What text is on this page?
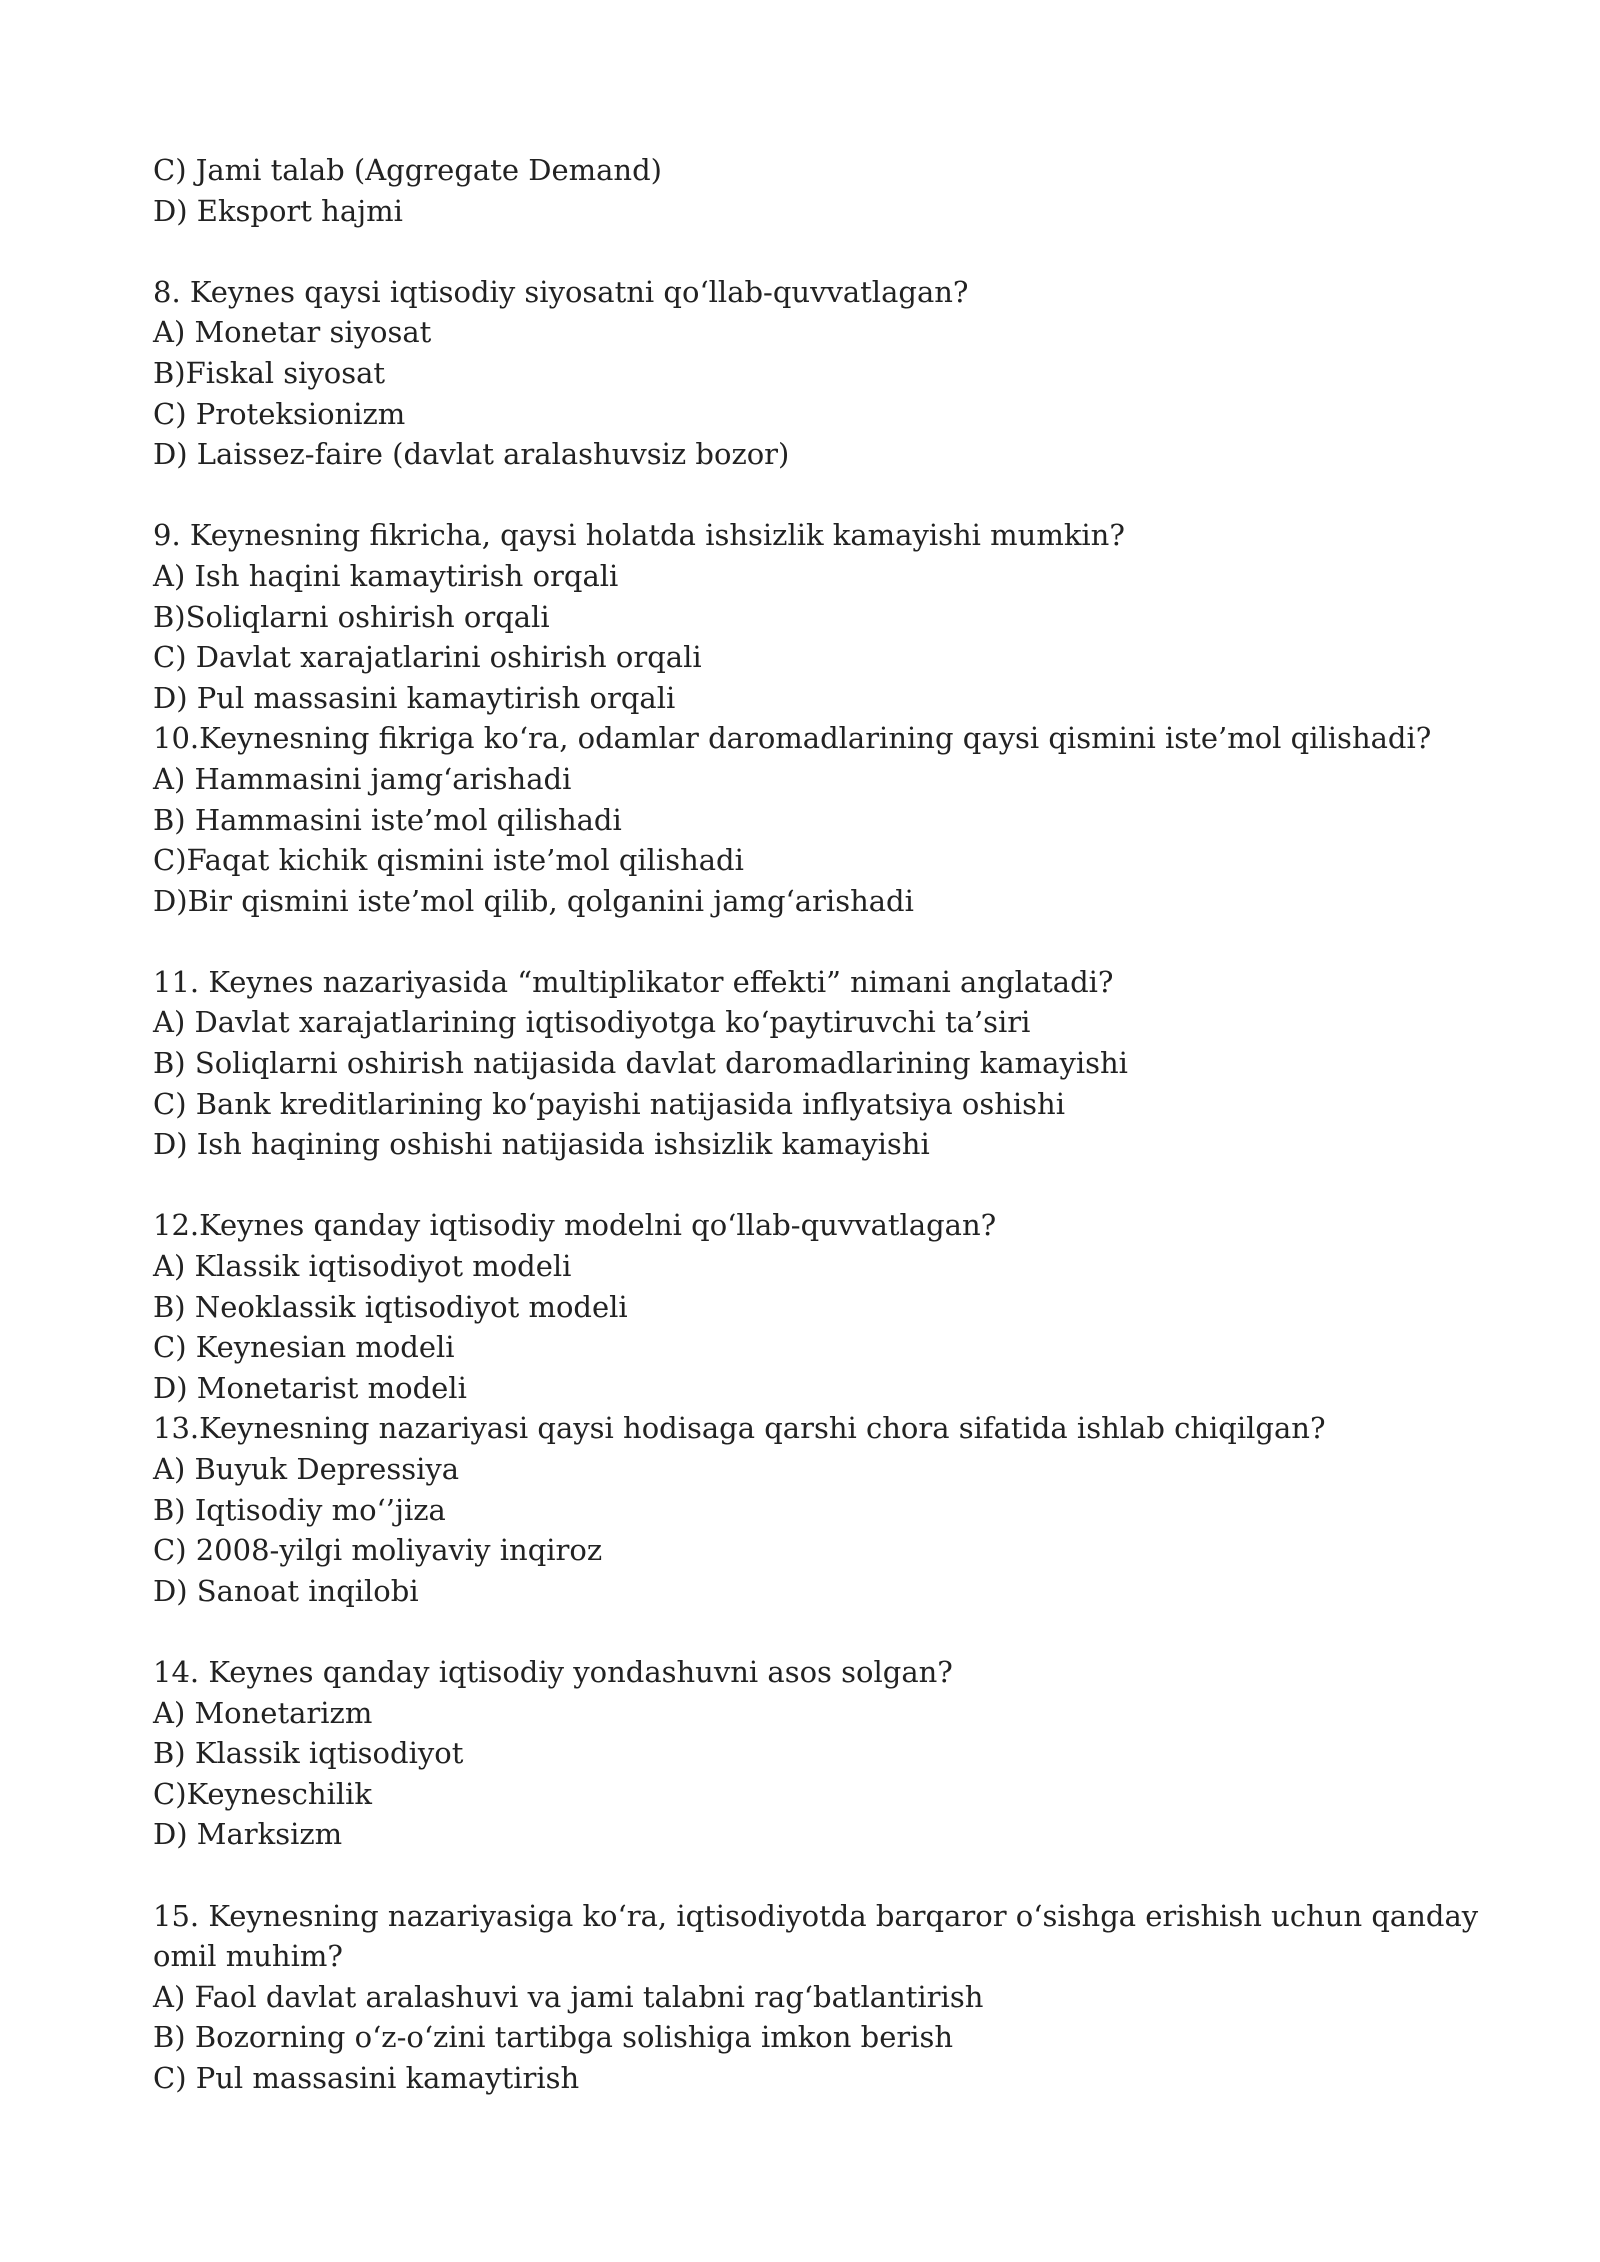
C) Jami talab (Aggregate Demand)
D) Eksport hajmi
8. Keynes qaysi iqtisodiy siyosatni qo‘llab-quvvatlagan?
A) Monetar siyosat
B)Fiskal siyosat
C) Proteksionizm
D) Laissez-faire (davlat aralashuvsiz bozor)
9. Keynesning fikricha, qaysi holatda ishsizlik kamayishi mumkin?
A) Ish haqini kamaytirish orqali
B)Soliqlarni oshirish orqali
C) Davlat xarajatlarini oshirish orqali
D) Pul massasini kamaytirish orqali
10.Keynesning fikriga ko‘ra, odamlar daromadlarining qaysi qismini iste’mol qilishadi?
A) Hammasini jamg‘arishadi
B) Hammasini iste’mol qilishadi
C)Faqat kichik qismini iste’mol qilishadi
D)Bir qismini iste’mol qilib, qolganini jamg‘arishadi
11. Keynes nazariyasida “multiplikator effekti” nimani anglatadi?
A) Davlat xarajatlarining iqtisodiyotga ko‘paytiruvchi ta’siri
B) Soliqlarni oshirish natijasida davlat daromadlarining kamayishi
C) Bank kreditlarining ko‘payishi natijasida inflyatsiya oshishi
D) Ish haqining oshishi natijasida ishsizlik kamayishi
12.Keynes qanday iqtisodiy modelni qo‘llab-quvvatlagan?
A) Klassik iqtisodiyot modeli
B) Neoklassik iqtisodiyot modeli
C) Keynesian modeli
D) Monetarist modeli
13.Keynesning nazariyasi qaysi hodisaga qarshi chora sifatida ishlab chiqilgan?
A) Buyuk Depressiya
B) Iqtisodiy mo‘’jiza
C) 2008-yilgi moliyaviy inqiroz
D) Sanoat inqilobi
14. Keynes qanday iqtisodiy yondashuvni asos solgan?
A) Monetarizm
B) Klassik iqtisodiyot
C)Keyneschilik
D) Marksizm
15. Keynesning nazariyasiga ko‘ra, iqtisodiyotda barqaror o‘sishga erishish uchun qanday
omil muhim?
A) Faol davlat aralashuvi va jami talabni rag‘batlantirish
B) Bozorning o‘z-o‘zini tartibga solishiga imkon berish
C) Pul massasini kamaytirish
